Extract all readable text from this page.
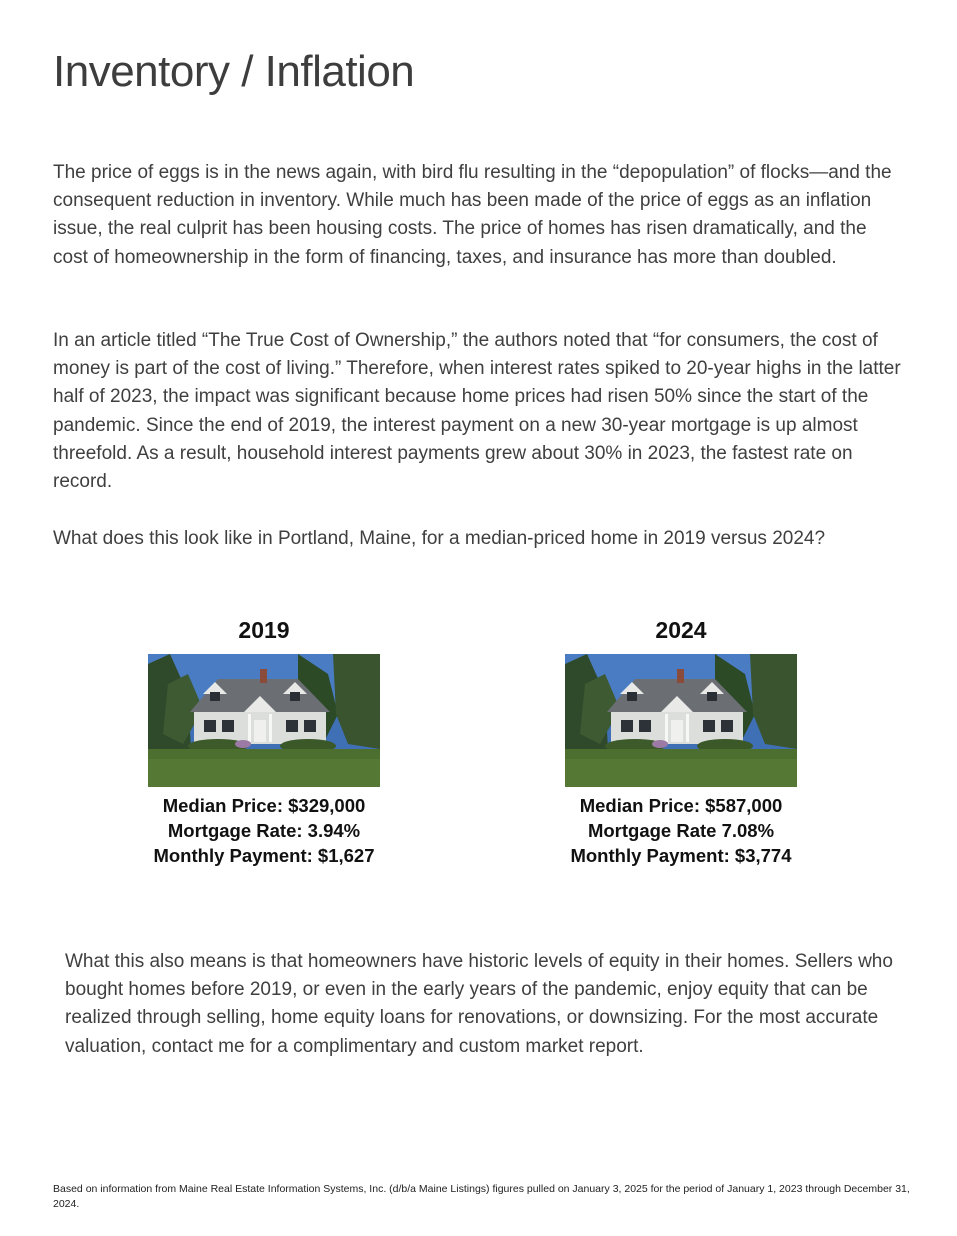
Inventory / Inflation

The price of eggs is in the news again, with bird flu resulting in the “depopulation” of flocks—and the consequent reduction in inventory. While much has been made of the price of eggs as an inflation issue, the real culprit has been housing costs. The price of homes has risen dramatically, and the cost of homeownership in the form of financing, taxes, and insurance has more than doubled.

In an article titled “The True Cost of Ownership,” the authors noted that “for consumers, the cost of money is part of the cost of living.” Therefore, when interest rates spiked to 20-year highs in the latter half of 2023, the impact was significant because home prices had risen 50% since the start of the pandemic. Since the end of 2019, the interest payment on a new 30-year mortgage is up almost threefold. As a result, household interest payments grew about 30% in 2023, the fastest rate on record.

What does this look like in Portland, Maine, for a median-priced home in 2019 versus 2024?

2019
Median Price: $329,000
Mortgage Rate: 3.94%
Monthly Payment: $1,627
2024
Median Price: $587,000
Mortgage Rate 7.08%
Monthly Payment: $3,774

What this also means is that homeowners have historic levels of equity in their homes. Sellers who bought homes before 2019, or even in the early years of the pandemic, enjoy equity that can be realized through selling, home equity loans for renovations, or downsizing. For the most accurate valuation, contact me for a complimentary and custom market report.

Based on information from Maine Real Estate Information Systems, Inc. (d/b/a Maine Listings) figures pulled on January 3, 2025 for the period of January 1, 2023 through December 31, 2024.
